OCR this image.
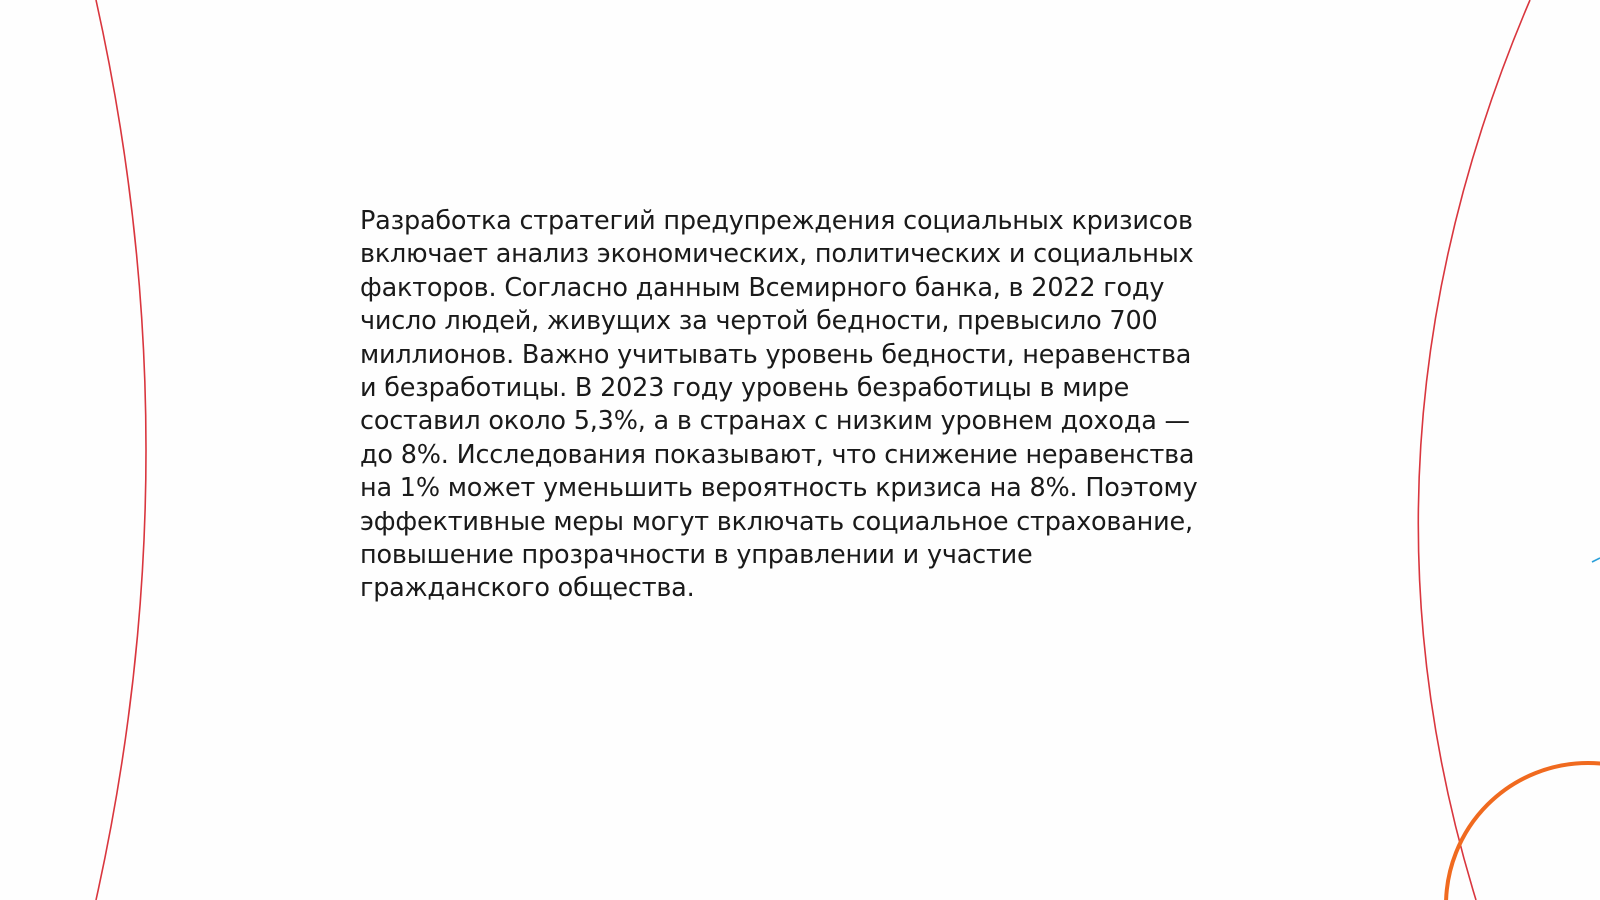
Разработка стратегий предупреждения социальных кризисов
включает анализ экономических, политических и социальных
факторов. Согласно данным Всемирного банка, в 2022 году
число людей, живущих за чертой бедности, превысило 700
миллионов. Важно учитывать уровень бедности, неравенства
и безработицы. В 2023 году уровень безработицы в мире
составил около 5,3%, а в странах с низким уровнем дохода —
до 8%. Исследования показывают, что снижение неравенства
на 1% может уменьшить вероятность кризиса на 8%. Поэтому
эффективные меры могут включать социальное страхование,
повышение прозрачности в управлении и участие
гражданского общества.
